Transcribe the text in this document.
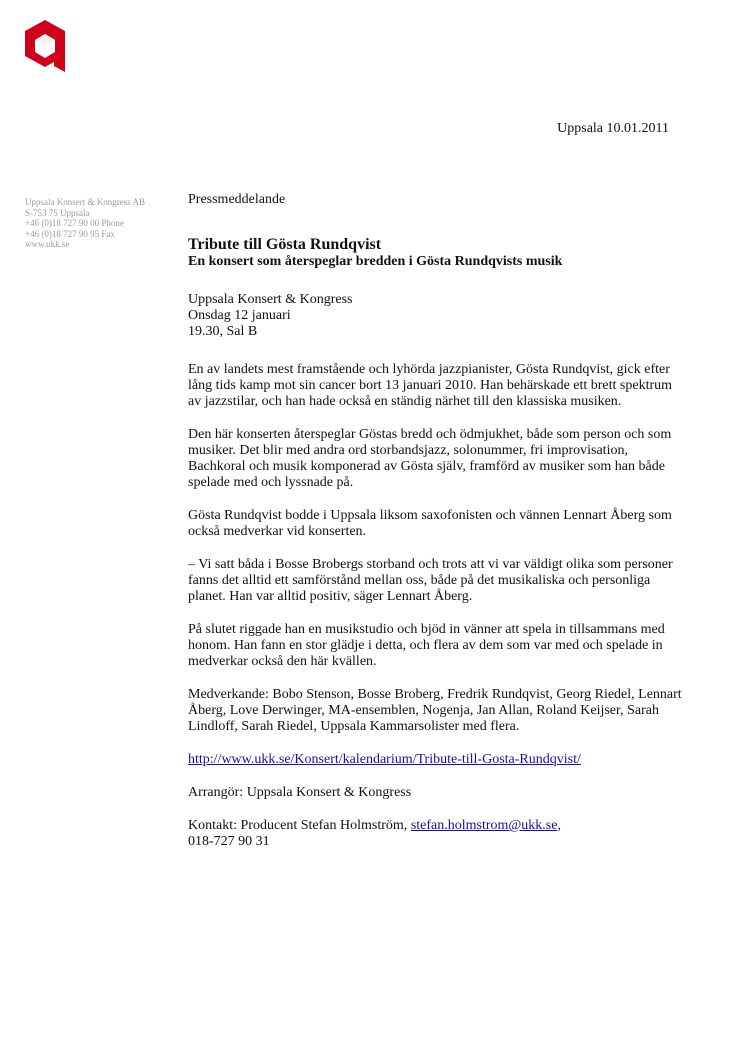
Uppsala 10.01.2011
Uppsala Konsert & Kongress AB
S-753 75 Uppsala
+46 (0)18 727 90 00 Phone
+46 (0)18 727 90 95 Fax
www.ukk.se
Pressmeddelande
Tribute till Gösta Rundqvist
En konsert som återspeglar bredden i Gösta Rundqvists musik
Uppsala Konsert & Kongress
Onsdag 12 januari
19.30, Sal B

En av landets mest framstående och lyhörda jazzpianister, Gösta Rundqvist, gick efter lång tids kamp mot sin cancer bort 13 januari 2010. Han behärskade ett brett spektrum av jazzstilar, och han hade också en ständig närhet till den klassiska musiken.

Den här konserten återspeglar Göstas bredd och ödmjukhet, både som person och som musiker. Det blir med andra ord storbandsjazz, solonummer, fri improvisation, Bachkoral och musik komponerad av Gösta själv, framförd av musiker som han både spelade med och lyssnade på.

Gösta Rundqvist bodde i Uppsala liksom saxofonisten och vännen Lennart Åberg som också medverkar vid konserten.

– Vi satt båda i Bosse Brobergs storband och trots att vi var väldigt olika som personer fanns det alltid ett samförstånd mellan oss, både på det musikaliska och personliga planet. Han var alltid positiv, säger Lennart Åberg.

På slutet riggade han en musikstudio och bjöd in vänner att spela in tillsammans med honom. Han fann en stor glädje i detta, och flera av dem som var med och spelade in medverkar också den här kvällen.

Medverkande: Bobo Stenson, Bosse Broberg, Fredrik Rundqvist, Georg Riedel, Lennart Åberg, Love Derwinger, MA-ensemblen, Nogenja, Jan Allan, Roland Keijser, Sarah Lindloff, Sarah Riedel, Uppsala Kammarsolister med flera.

http://www.ukk.se/Konsert/kalendarium/Tribute-till-Gosta-Rundqvist/

Arrangör: Uppsala Konsert & Kongress

Kontakt: Producent Stefan Holmström, stefan.holmstrom@ukk.se,
018-727 90 31
